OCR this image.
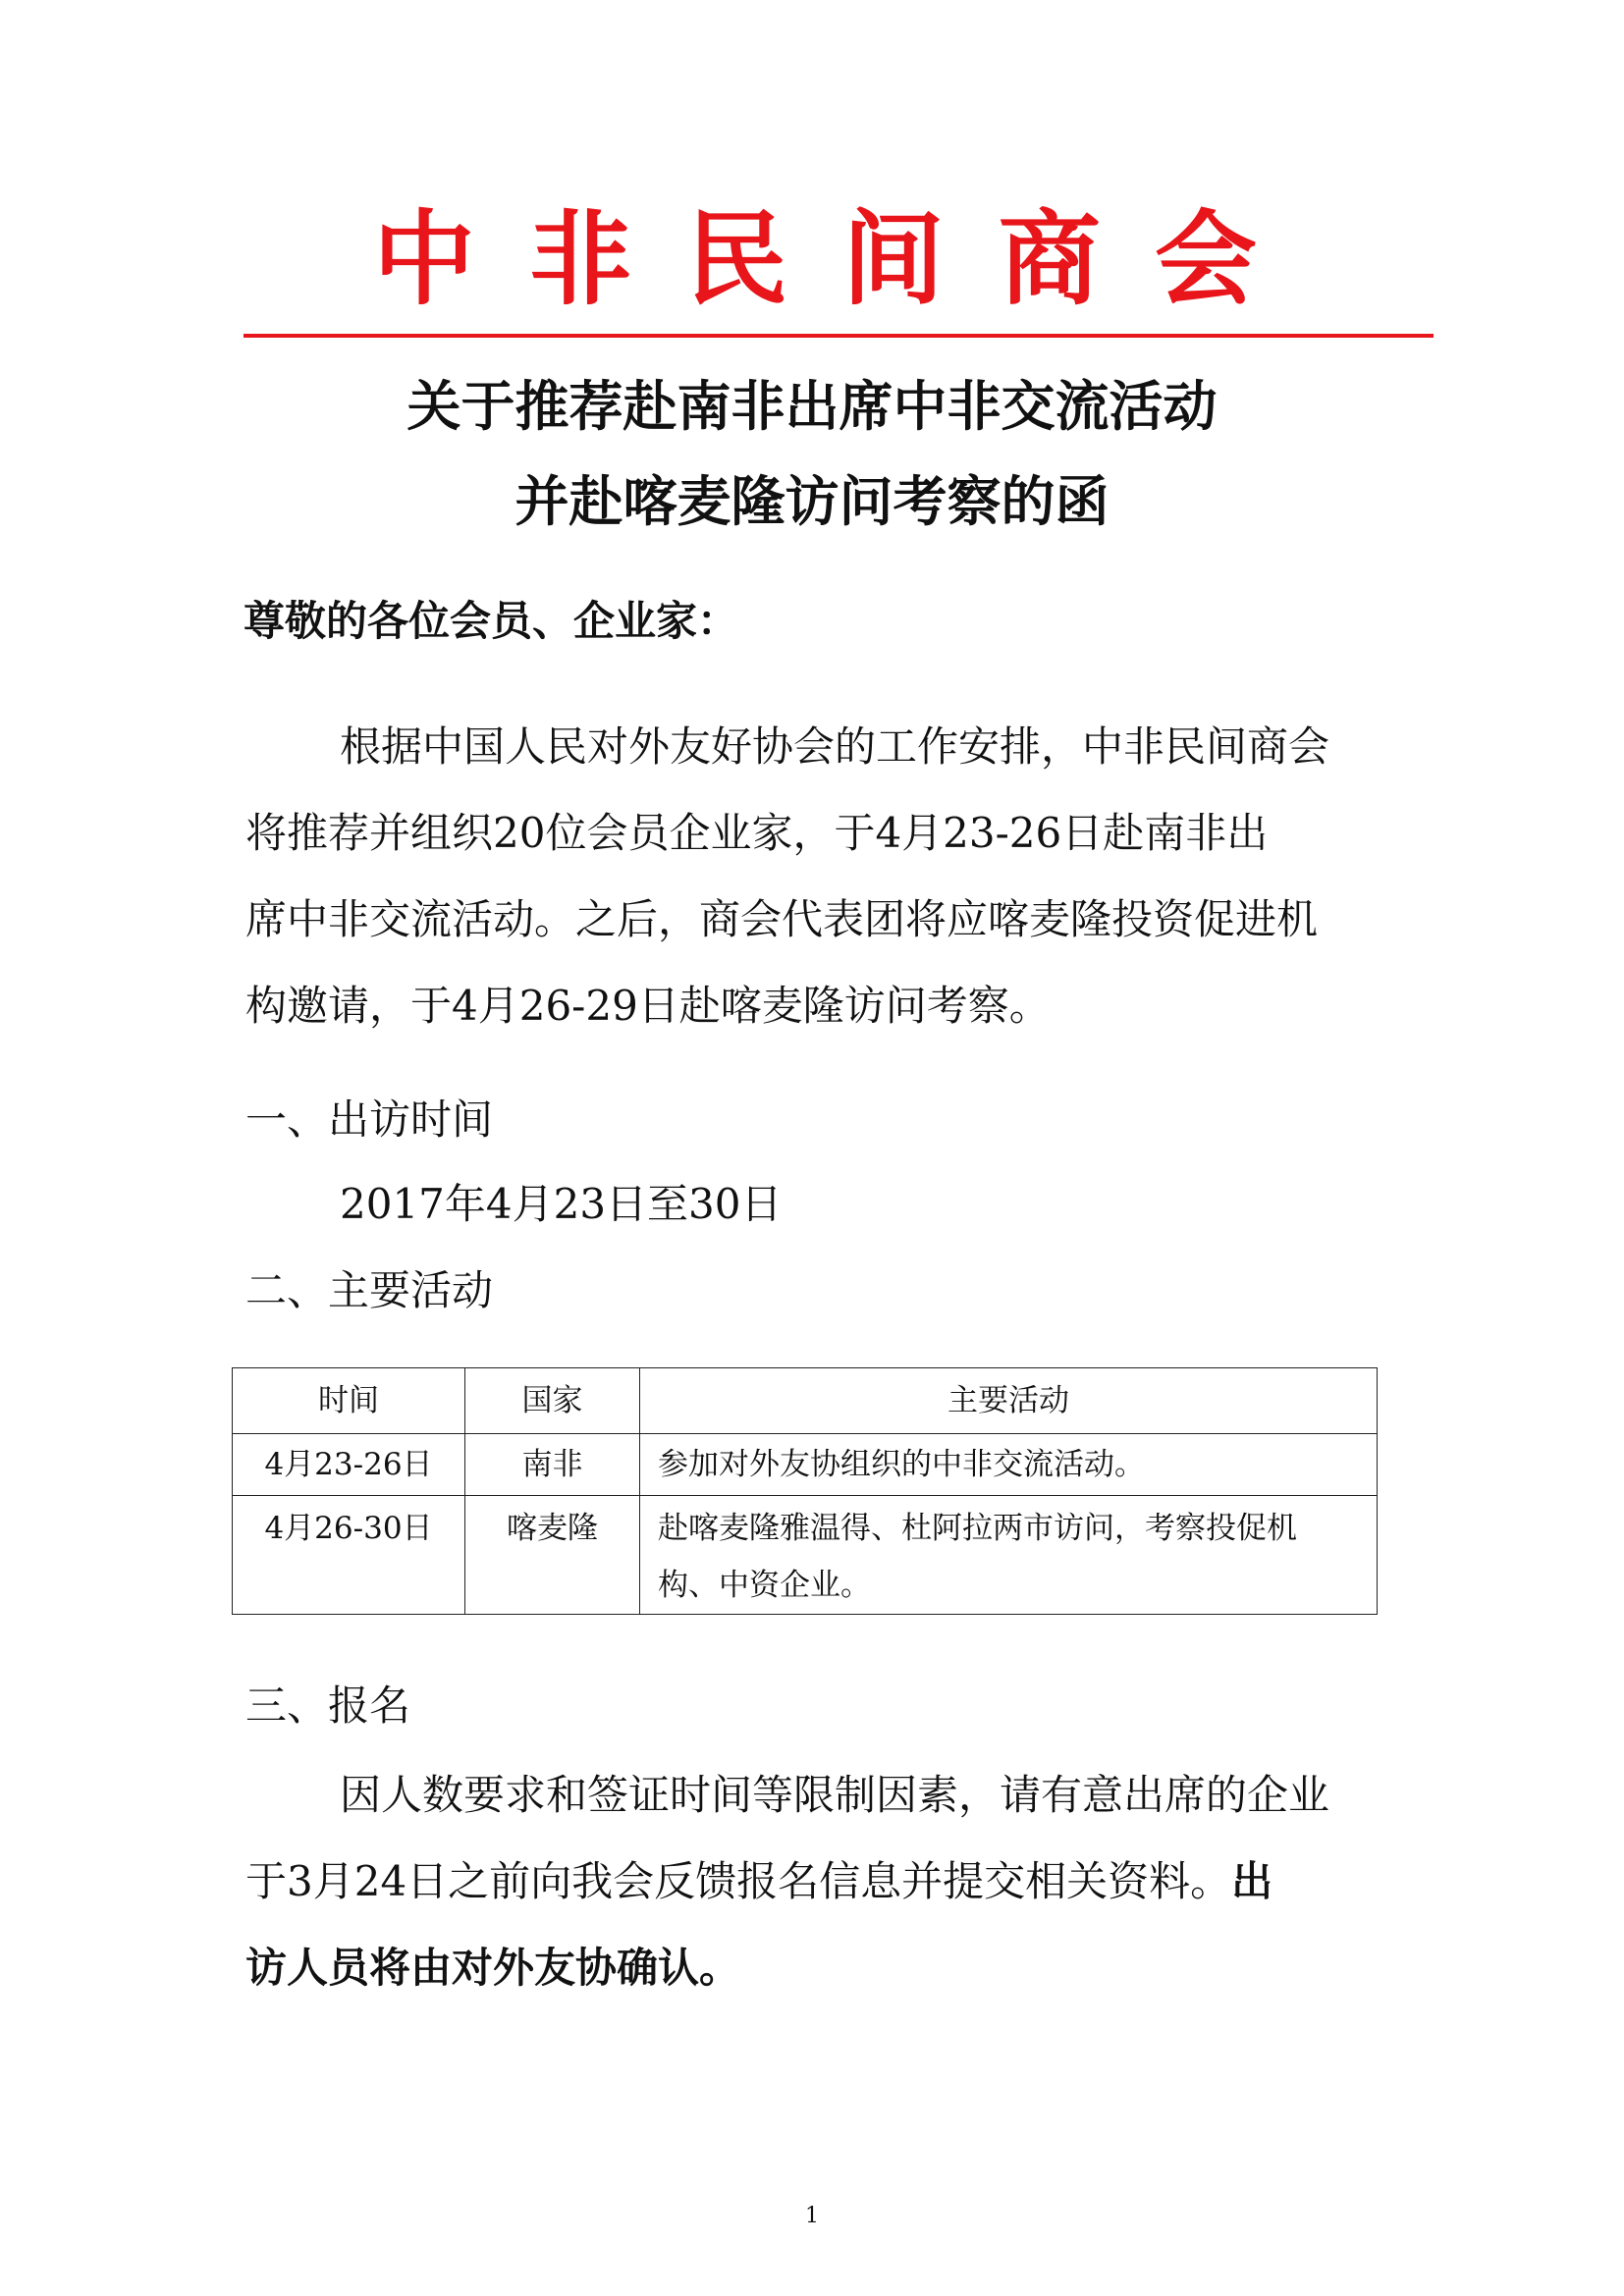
中 非 民 间 商 会
关于推荐赴南非出席中非交流活动
并赴喀麦隆访问考察的函
尊敬的各位会员、企业家：
根据中国人民对外友好协会的工作安排，中非民间商会
将推荐并组织20位会员企业家，于4月23-26日赴南非出
席中非交流活动。之后，商会代表团将应喀麦隆投资促进机
构邀请，于4月26-29日赴喀麦隆访问考察。
一、出访时间
2017年4月23日至30日
二、主要活动
时间	国家	主要活动
4月23-26日	南非	参加对外友协组织的中非交流活动。
4月26-30日	喀麦隆	赴喀麦隆雅温得、杜阿拉两市访问，考察投促机
构、中资企业。
三、报名
因人数要求和签证时间等限制因素，请有意出席的企业
于3月24日之前向我会反馈报名信息并提交相关资料。出
访人员将由对外友协确认。
1
